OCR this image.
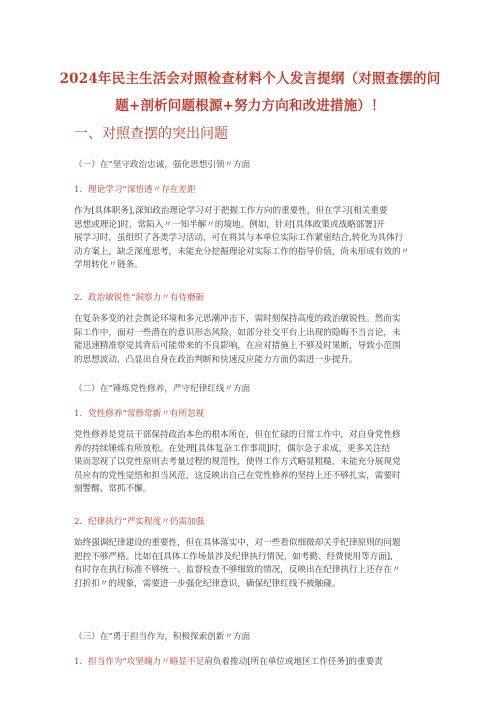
2024年民主生活会对照检查材料个人发言提纲（对照查摆的问
题+剖析问题根源+努力方向和改进措施）！
一、对照查摆的突出问题
（一）在“坚守政治忠诚，强化思想引领〃方面
1．理论学习“深悟透〃存在差距
作为[具体职务],深知政治理论学习对于把握工作方向的重要性，但在学习[相关重要
思想或理论]时，常陷入〃一知半解〃的境地。例如，针对[具体政策或战略部署]开
展学习时，虽组织了各类学习活动，可在将其与本单位实际工作紧密结合,转化为具体行
动方案上，缺乏深度思考，未能充分挖掘理论对实际工作的指导价值，尚未形成有效的〃
学用转化〃链条。
2．政治敏锐性“洞察力〃有待磨砺
在复杂多变的社会舆论环境和多元思潮冲击下，需时刻保持高度的政治敏锐性。然而实
际工作中，面对一些潜在的意识形态风险，如部分社交平台上出现的隐晦不当言论，未
能迅速精准察觉其背后可能带来的不良影响，在应对措施上不够及时果断，导致小范围
的思想波动，凸显出自身在政治判断和快速反应能力方面仍需进一步提升。
（二）在“锤炼党性修养，严守纪律红线〃方面
1．党性修养“常修常新〃有所忽视
党性修养是党员干部保持政治本色的根本所在，但在忙碌的日常工作中，对自身党性修
养的持续锤炼有所放松。在处理[具体复杂工作事项]时，偶尔急于求成，更多关注结
果而忽视了以党性原则去考量过程的规范性，使得工作方式略显粗糙，未能充分展现党
员应有的党性觉悟和担当风范，这反映出自己在党性修养的坚持上还不够扎实，需要时
刻警醒、常抓不懈。
2．纪律执行“严实程度〃仍需加强
始终强调纪律建设的重要性，但在具体落实中，对一些看似细微却关乎纪律原则的问题
把控不够严格。比如在[具体工作场景涉及纪律执行情况，如考勤、经费使用等方面],
有时存在执行标准不够统一、监督检查不够细致的情况，反映出在纪律执行上还存在〃
打折扣〃的现象，需要进一步强化纪律意识，确保纪律红线不被触碰。
（三）在“勇于担当作为，积极探索创新〃方面
1．担当作为“攻坚魄力〃略显不足肩负着推动[所在单位或地区工作任务]的重要责
